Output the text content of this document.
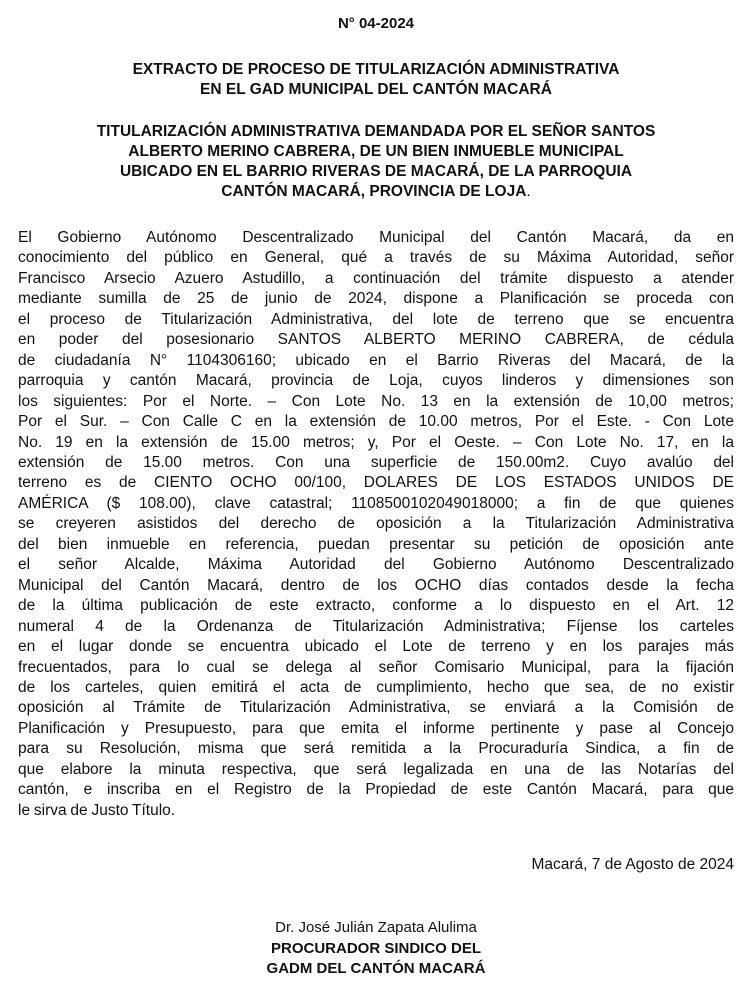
N° 04-2024
EXTRACTO DE PROCESO DE TITULARIZACIÓN ADMINISTRATIVA
EN EL GAD MUNICIPAL DEL CANTÓN MACARÁ
TITULARIZACIÓN ADMINISTRATIVA DEMANDADA POR EL SEÑOR SANTOS
ALBERTO MERINO CABRERA, DE UN BIEN INMUEBLE MUNICIPAL
UBICADO EN EL BARRIO RIVERAS DE MACARÁ, DE LA PARROQUIA
CANTÓN MACARÁ, PROVINCIA DE LOJA.
El Gobierno Autónomo Descentralizado Municipal del Cantón Macará, da en
conocimiento del público en General, qué a través de su Máxima Autoridad, señor
Francisco Arsecio Azuero Astudillo, a continuación del trámite dispuesto a atender
mediante sumilla de 25 de junio de 2024, dispone a Planificación se proceda con
el proceso de Titularización Administrativa, del lote de terreno que se encuentra
en poder del posesionario SANTOS ALBERTO MERINO CABRERA, de cédula
de ciudadanía N° 1104306160; ubicado en el Barrio Riveras del Macará, de la
parroquia y cantón Macará, provincia de Loja, cuyos linderos y dimensiones son
los siguientes: Por el Norte. – Con Lote No. 13 en la extensión de 10,00 metros;
Por el Sur. – Con Calle C en la extensión de 10.00 metros, Por el Este. - Con Lote
No. 19 en la extensión de 15.00 metros; y, Por el Oeste. – Con Lote No. 17, en la
extensión de 15.00 metros. Con una superficie de 150.00m2. Cuyo avalúo del
terreno es de CIENTO OCHO 00/100, DOLARES DE LOS ESTADOS UNIDOS DE
AMÉRICA ($ 108.00), clave catastral; 1108500102049018000; a fin de que quienes
se creyeren asistidos del derecho de oposición a la Titularización Administrativa
del bien inmueble en referencia, puedan presentar su petición de oposición ante
el señor Alcalde, Máxima Autoridad del Gobierno Autónomo Descentralizado
Municipal del Cantón Macará, dentro de los OCHO días contados desde la fecha
de la última publicación de este extracto, conforme a lo dispuesto en el Art. 12
numeral 4 de la Ordenanza de Titularización Administrativa; Fíjense los carteles
en el lugar donde se encuentra ubicado el Lote de terreno y en los parajes más
frecuentados, para lo cual se delega al señor Comisario Municipal, para la fijación
de los carteles, quien emitirá el acta de cumplimiento, hecho que sea, de no existir
oposición al Trámite de Titularización Administrativa, se enviará a la Comisión de
Planificación y Presupuesto, para que emita el informe pertinente y pase al Concejo
para su Resolución, misma que será remitida a la Procuraduría Sindica, a fin de
que elabore la minuta respectiva, que será legalizada en una de las Notarías del
cantón, e inscriba en el Registro de la Propiedad de este Cantón Macará, para que
le sirva de Justo Título.
Macará, 7 de Agosto de 2024
Dr. José Julián Zapata Alulima
PROCURADOR SINDICO DEL
GADM DEL CANTÓN MACARÁ
